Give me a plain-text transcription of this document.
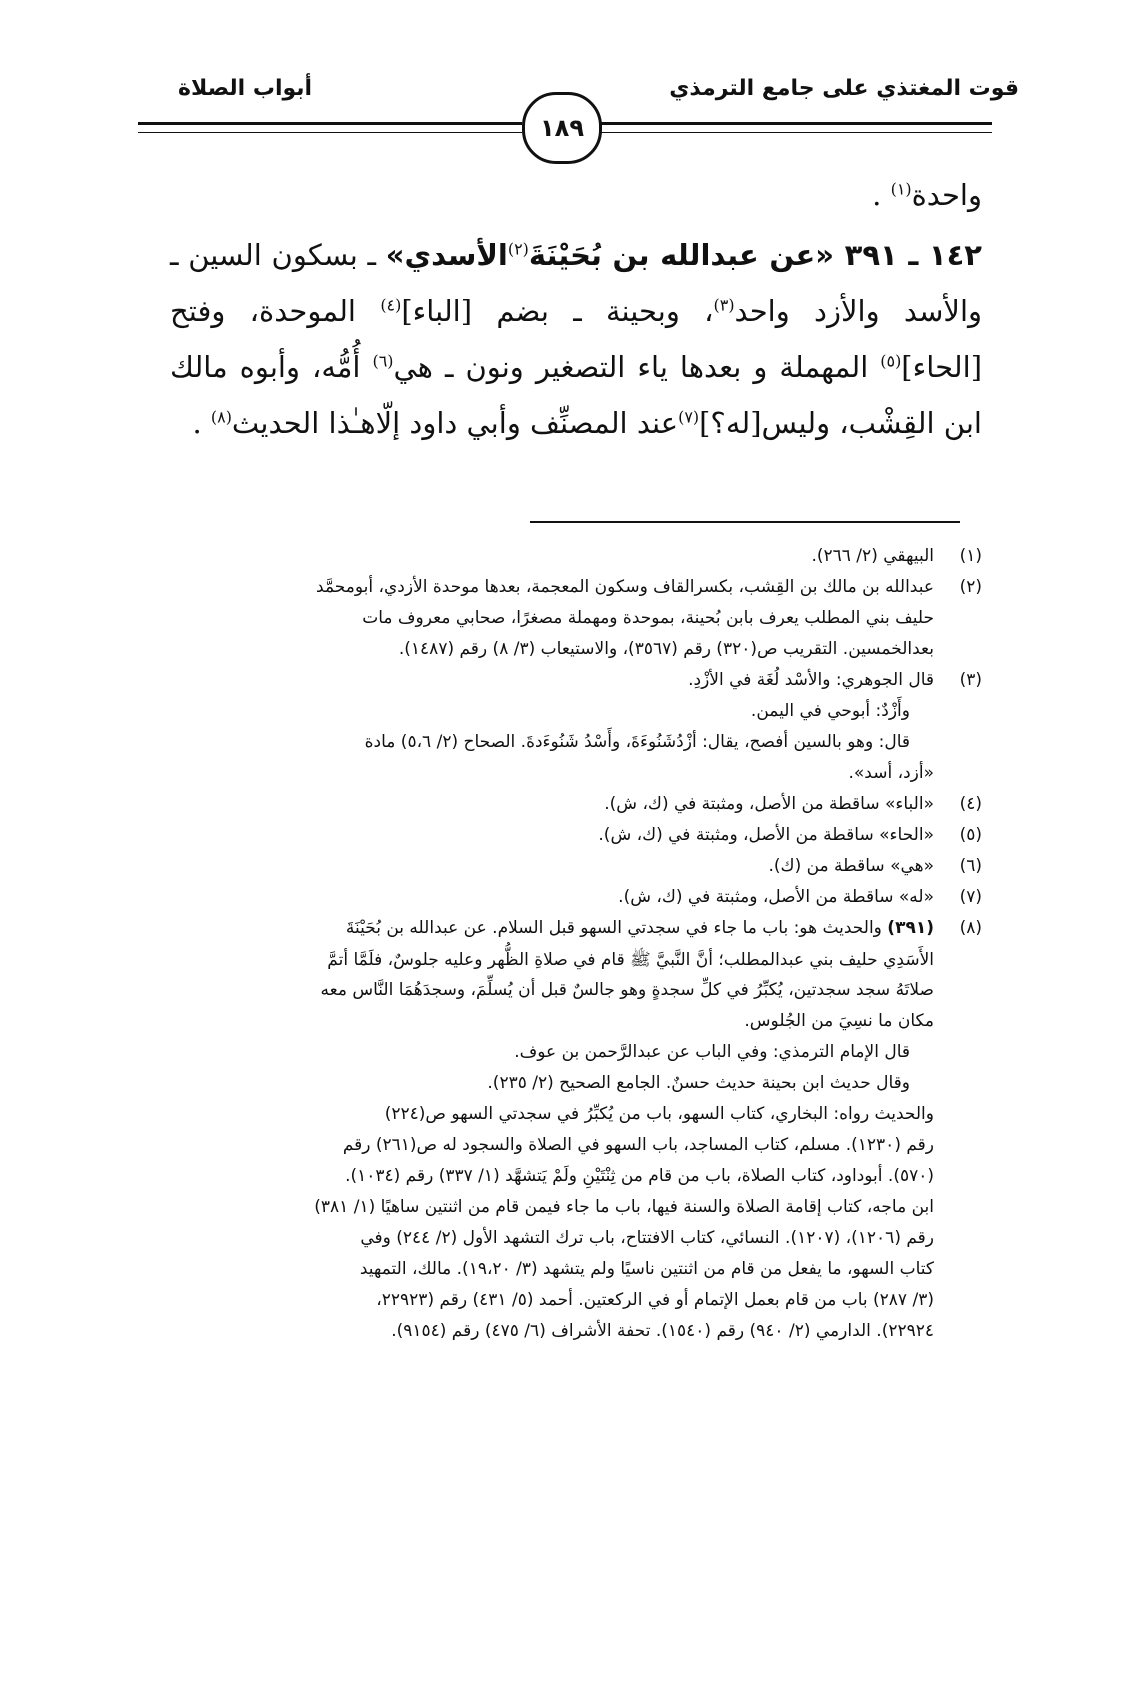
قوت المغتذي على جامع الترمذي
أبواب الصلاة
١٨٩
واحدة$^{(١)}$ .
١٤٢ ـ ٣٩١ «عن عبدالله بن بُحَيْنَةَ$^{(٢)}$الأسدي» ـ بسكون السين ـ
والأسد والأزد واحد$^{(٣)}$، وبحينة ـ بضم [الباء]$^{(٤)}$ الموحدة، وفتح
[الحاء]$^{(٥)}$ المهملة و بعدها ياء التصغير ونون ـ هي$^{(٦)}$ أُمُّه، وأبوه مالك
ابن القِشْب، وليس[له؟]$^{(٧)}$عند المصنِّف وأبي داود إلّاهـٰذا الحديث$^{(٨)}$ .
(١)البيهقي (٢/ ٢٦٦).
(٢)عبدالله بن مالك بن القِشب، بكسرالقاف وسكون المعجمة، بعدها موحدة الأزدي، أبومحمَّد
حليف بني المطلب يعرف بابن بُحينة، بموحدة ومهملة مصغرًا، صحابي معروف مات
بعدالخمسين. التقريب ص(٣٢٠) رقم (٣٥٦٧)، والاستيعاب (٣/ ٨) رقم (١٤٨٧).
(٣)قال الجوهري: والأسْد لُغَة في الأزْدِ.
وأَزْدٌ: أبوحي في اليمن.
قال: وهو بالسين أفصح، يقال: أزْدُشَنُوءَةَ، وأَسْدُ شَنُوءَدةَ. الصحاح (٢/ ٥،٦) مادة
«أزد، أسد».
(٤)«الباء» ساقطة من الأصل، ومثبتة في (ك، ش).
(٥)«الحاء» ساقطة من الأصل، ومثبتة في (ك، ش).
(٦)«هي» ساقطة من (ك).
(٧)«له» ساقطة من الأصل، ومثبتة في (ك، ش).
(٨)(٣٩١) والحديث هو: باب ما جاء في سجدتي السهو قبل السلام. عن عبدالله بن بُحَيْنَةَ
الأَسَدِي حليف بني عبدالمطلب؛ أنَّ النَّبيَّ ﷺ قام في صلاةِ الظُّهر وعليه جلوسٌ، فلَمَّا أتمَّ
صلاتَهُ سجد سجدتين، يُكبِّرُ في كلِّ سجدةٍ وهو جالسٌ قبل أن يُسلِّمَ، وسجدَهُمَا النَّاس معه
مكان ما نسِيَ من الجُلوس.
قال الإمام الترمذي: وفي الباب عن عبدالرَّحمن بن عوف.
وقال حديث ابن بحينة حديث حسنٌ. الجامع الصحيح (٢/ ٢٣٥).
والحديث رواه: البخاري، كتاب السهو، باب من يُكبِّرُ في سجدتي السهو ص(٢٢٤)
رقم (١٢٣٠). مسلم، كتاب المساجد، باب السهو في الصلاة والسجود له ص(٢٦١) رقم
(٥٧٠). أبوداود، كتاب الصلاة، باب من قام من ثِنْتَيْنِ ولَمْ يَتشهَّد (١/ ٣٣٧) رقم (١٠٣٤).
ابن ماجه، كتاب إقامة الصلاة والسنة فيها، باب ما جاء فيمن قام من اثنتين ساهيًا (١/ ٣٨١)
رقم (١٢٠٦)، (١٢٠٧). النسائي، كتاب الافتتاح، باب ترك التشهد الأول (٢/ ٢٤٤) وفي
كتاب السهو، ما يفعل من قام من اثنتين ناسيًا ولم يتشهد (٣/ ١٩،٢٠). مالك، التمهيد
(٣/ ٢٨٧) باب من قام بعمل الإتمام أو في الركعتين. أحمد (٥/ ٤٣١) رقم (٢٢٩٢٣،
٢٢٩٢٤). الدارمي (٢/ ٩٤٠) رقم (١٥٤٠). تحفة الأشراف (٦/ ٤٧٥) رقم (٩١٥٤).
